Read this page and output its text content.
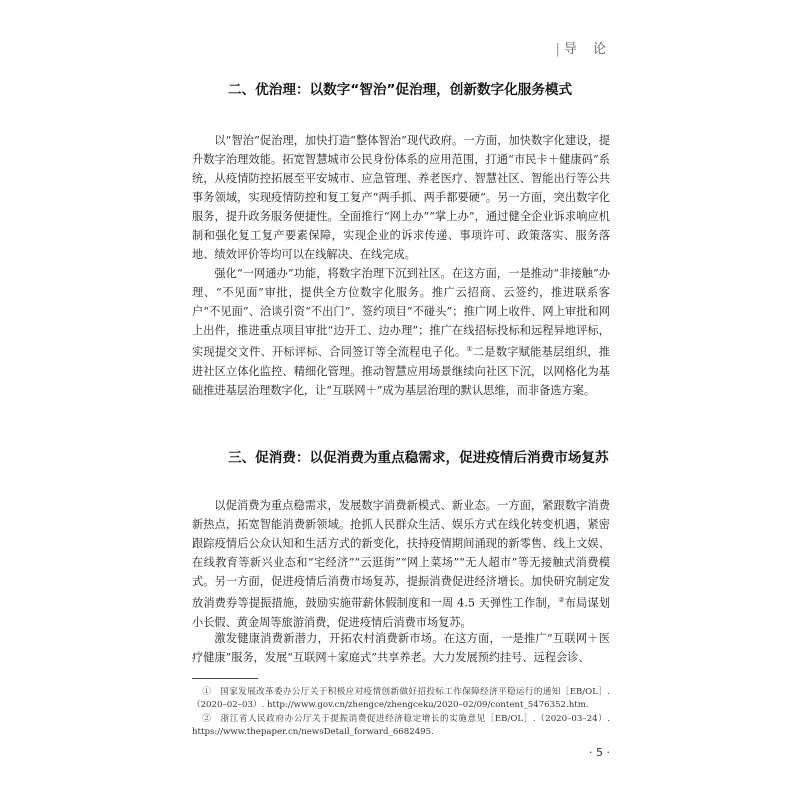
| 导 论
二、优治理：以数字“智治”促治理，创新数字化服务模式

以“智治”促治理，加快打造“整体智治”现代政府。一方面，加快数字化建设，提升数字治理效能。拓宽智慧城市公民身份体系的应用范围，打通“市民卡＋健康码”系统，从疫情防控拓展至平安城市、应急管理、养老医疗、智慧社区、智能出行等公共事务领域，实现疫情防控和复工复产“两手抓、两手都要硬”。另一方面，突出数字化服务，提升政务服务便捷性。全面推行“网上办”“掌上办”，通过健全企业诉求响应机制和强化复工复产要素保障，实现企业的诉求传递、事项许可、政策落实、服务落地、绩效评价等均可以在线解决、在线完成。

强化“一网通办”功能，将数字治理下沉到社区。在这方面，一是推动“非接触”办理、“不见面”审批，提供全方位数字化服务。推广云招商、云签约，推进联系客户“不见面”、洽谈引资“不出门”、签约项目“不碰头”；推广网上收件、网上审批和网上出件，推进重点项目审批“边开工、边办理”；推广在线招标投标和远程异地评标，实现提交文件、开标评标、合同签订等全流程电子化。①二是数字赋能基层组织，推进社区立体化监控、精细化管理。推动智慧应用场景继续向社区下沉，以网格化为基础推进基层治理数字化，让“互联网＋”成为基层治理的默认思维，而非备选方案。

三、促消费：以促消费为重点稳需求，促进疫情后消费市场复苏

以促消费为重点稳需求，发展数字消费新模式、新业态。一方面，紧跟数字消费新热点，拓宽智能消费新领域。抢抓人民群众生活、娱乐方式在线化转变机遇，紧密跟踪疫情后公众认知和生活方式的新变化，扶持疫情期间涌现的新零售、线上文娱、在线教育等新兴业态和“宅经济”“云逛街”“网上菜场”“无人超市”等无接触式消费模式。另一方面，促进疫情后消费市场复苏，提振消费促进经济增长。加快研究制定发放消费券等提振措施，鼓励实施带薪休假制度和一周 4.5 天弹性工作制，②布局谋划小长假、黄金周等旅游消费，促进疫情后消费市场复苏。

激发健康消费新潜力，开拓农村消费新市场。在这方面，一是推广“互联网＋医疗健康”服务，发展“互联网＋家庭式”共享养老。大力发展预约挂号、远程会诊、

①　国家发展改革委办公厅关于积极应对疫情创新做好招投标工作保障经济平稳运行的通知［EB/OL］.（2020–02–03）. http://www.gov.cn/zhengce/zhengceku/2020–02/09/content_5476352.htm.

②　浙江省人民政府办公厅关于提振消费促进经济稳定增长的实施意见［EB/OL］.（2020–03–24）. https://www.thepaper.cn/newsDetail_forward_6682495.

· 5 ·
